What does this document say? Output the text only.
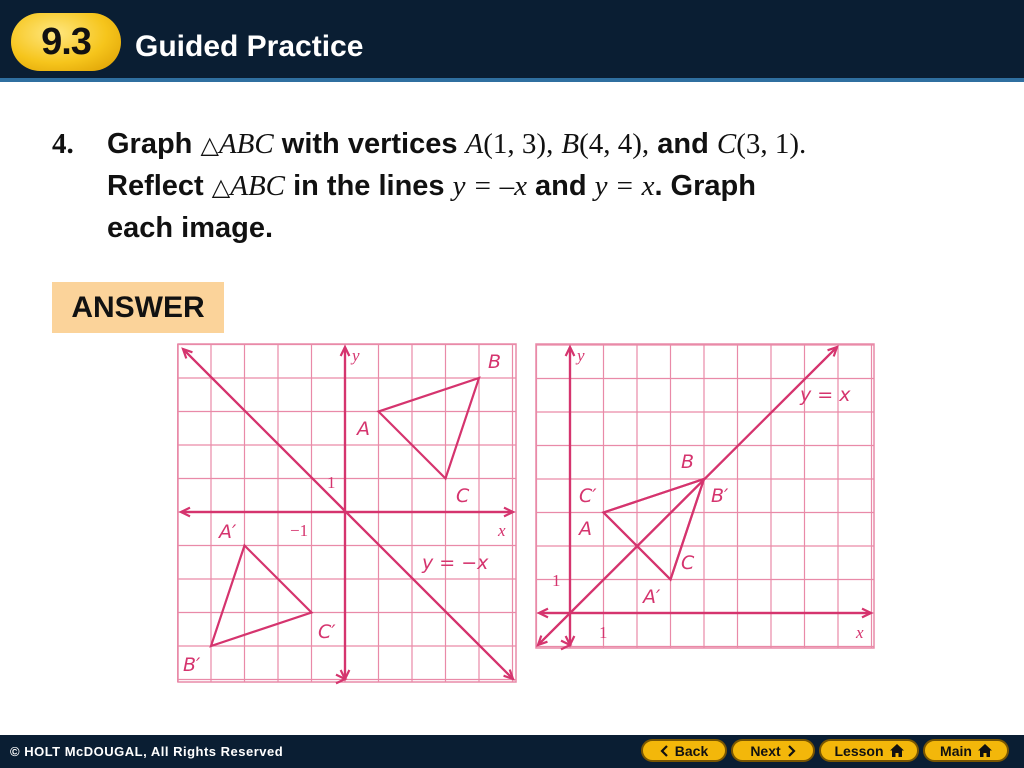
9.3 Guided Practice
4. Graph △ABC with vertices A(1, 3), B(4, 4), and C(3, 1).
Reflect △ABC in the lines y = –x and y = x. Graph
each image.
ANSWER
y
x
1
−1
B
A
C
A′
C′
B′
y = −x
y
x
1
1
B
B′
C′
A
C
A′
y = x
© HOLT McDOUGAL, All Rights Reserved	Back	Next	Lesson	Main
